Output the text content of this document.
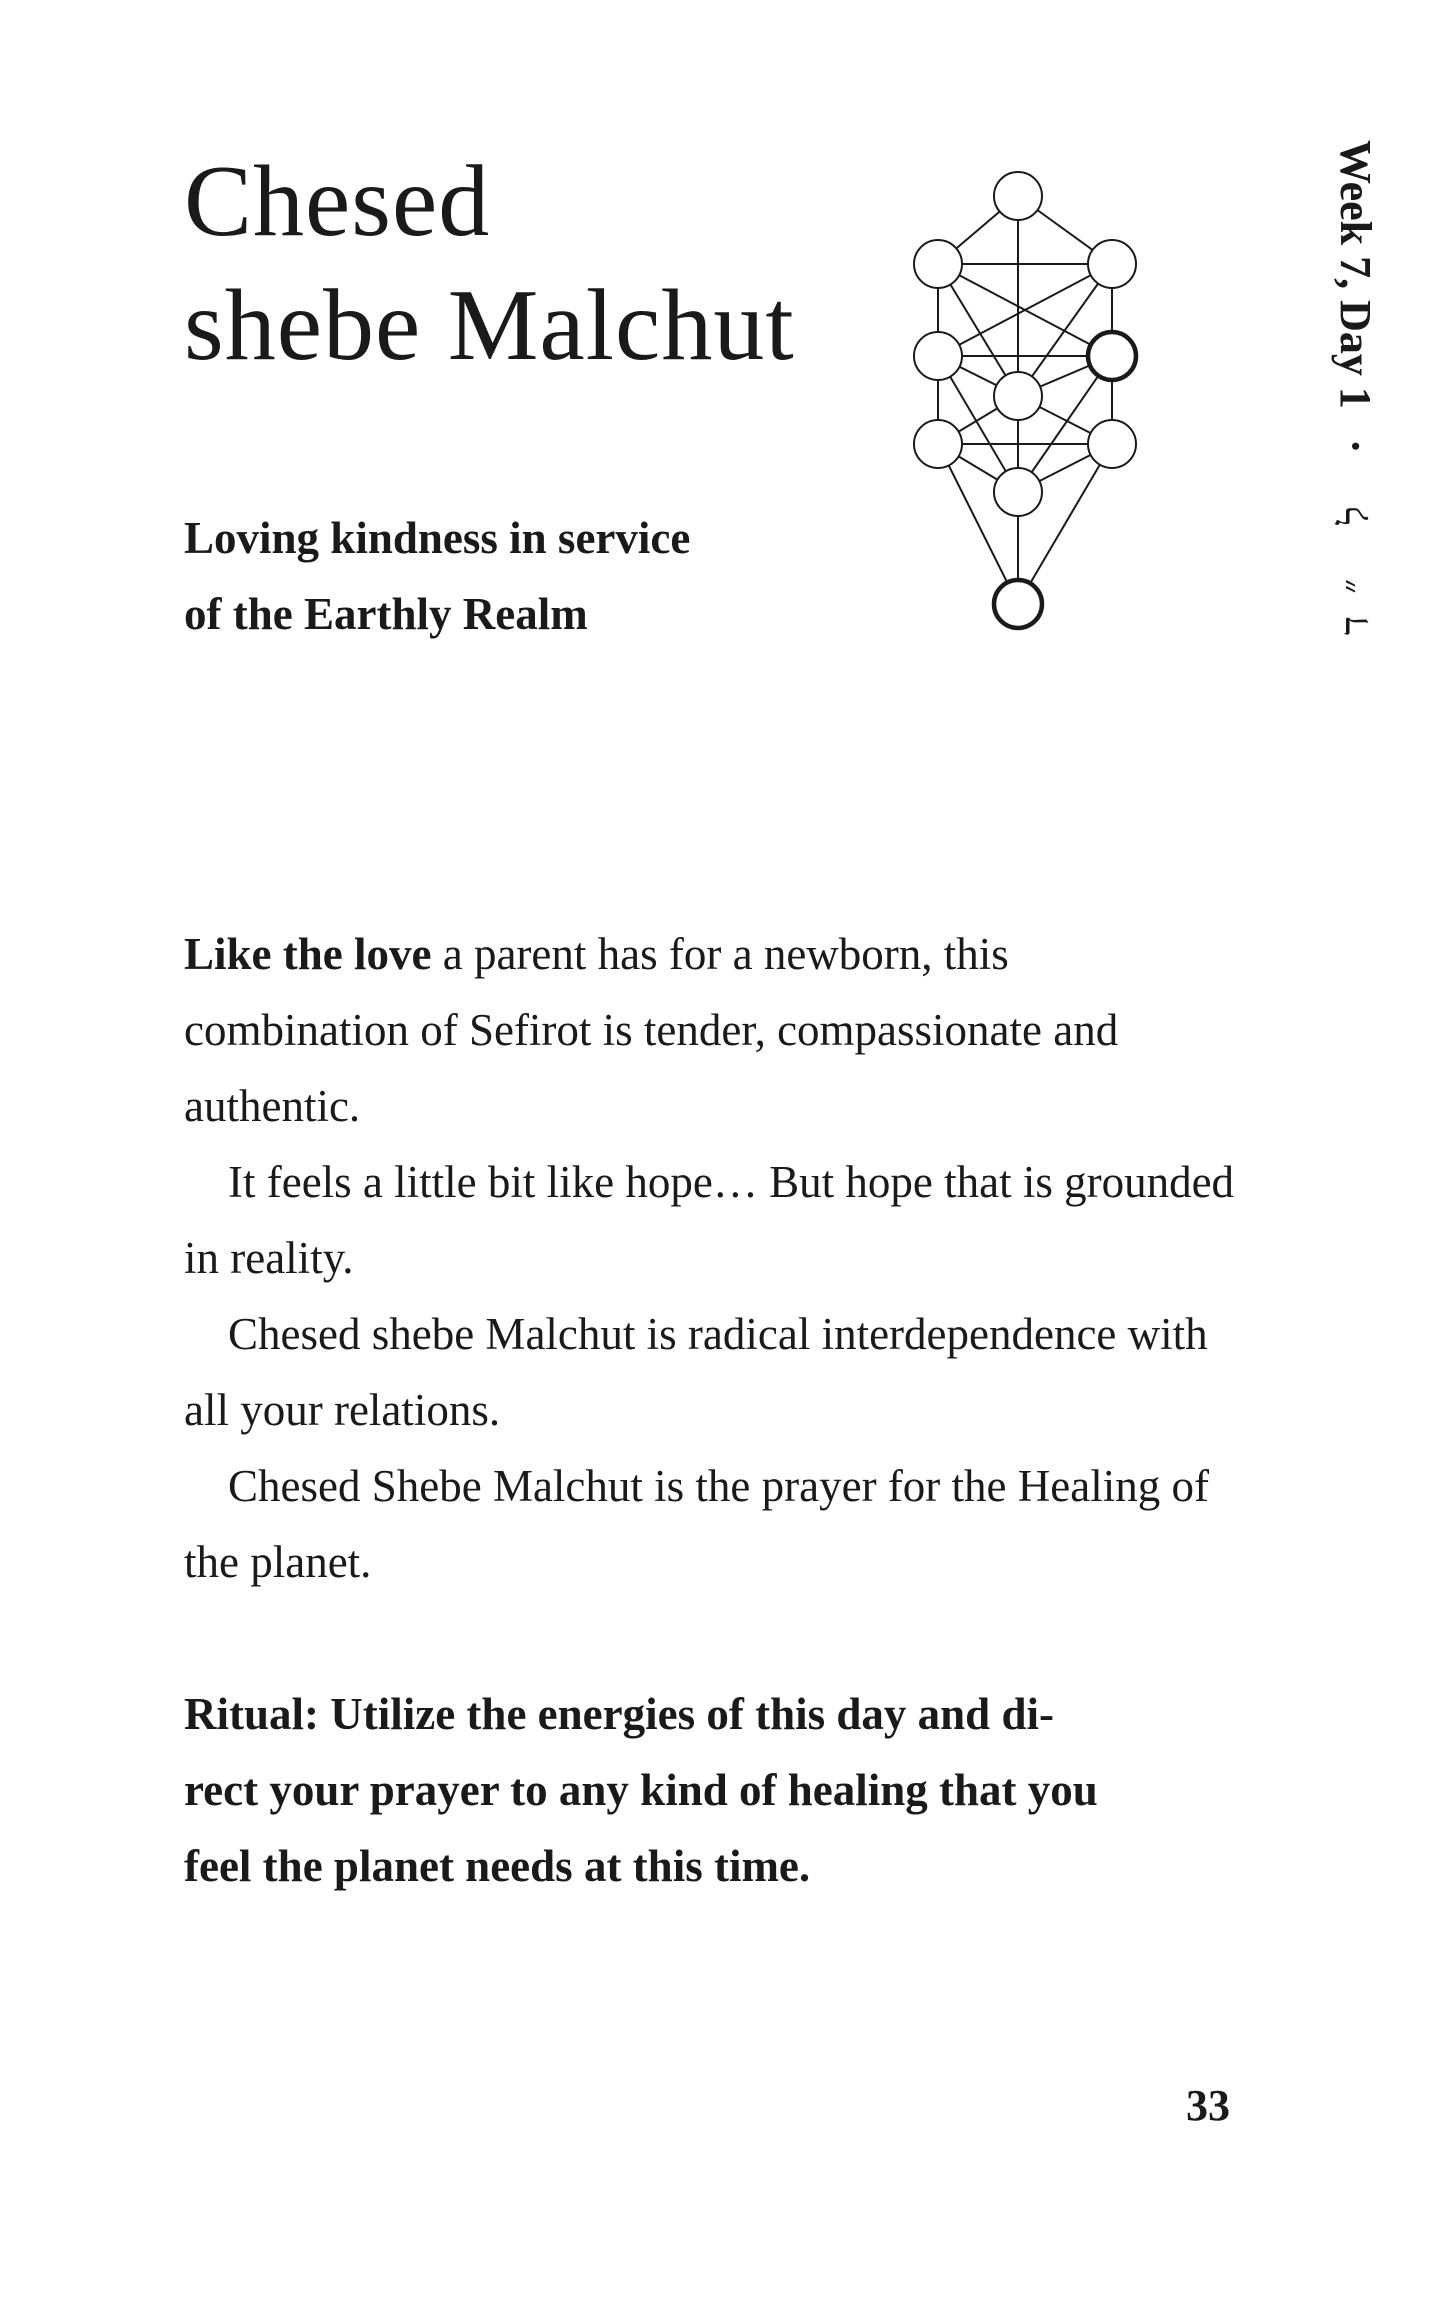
Chesed
shebe Malchut

Loving kindness in service
of the Earthly Realm

Week 7, Day 1
·
ל ״ד

Like the love a parent has for a newborn, this combination of Sefirot is tender, compassionate and authentic.

It feels a little bit like hope… But hope that is grounded in reality.

Chesed shebe Malchut is radical interdependence with all your relations.

Chesed Shebe Malchut is the prayer for the Healing of the planet.

Ritual: Utilize the energies of this day and di-
rect your prayer to any kind of healing that you
feel the planet needs at this time.

33
